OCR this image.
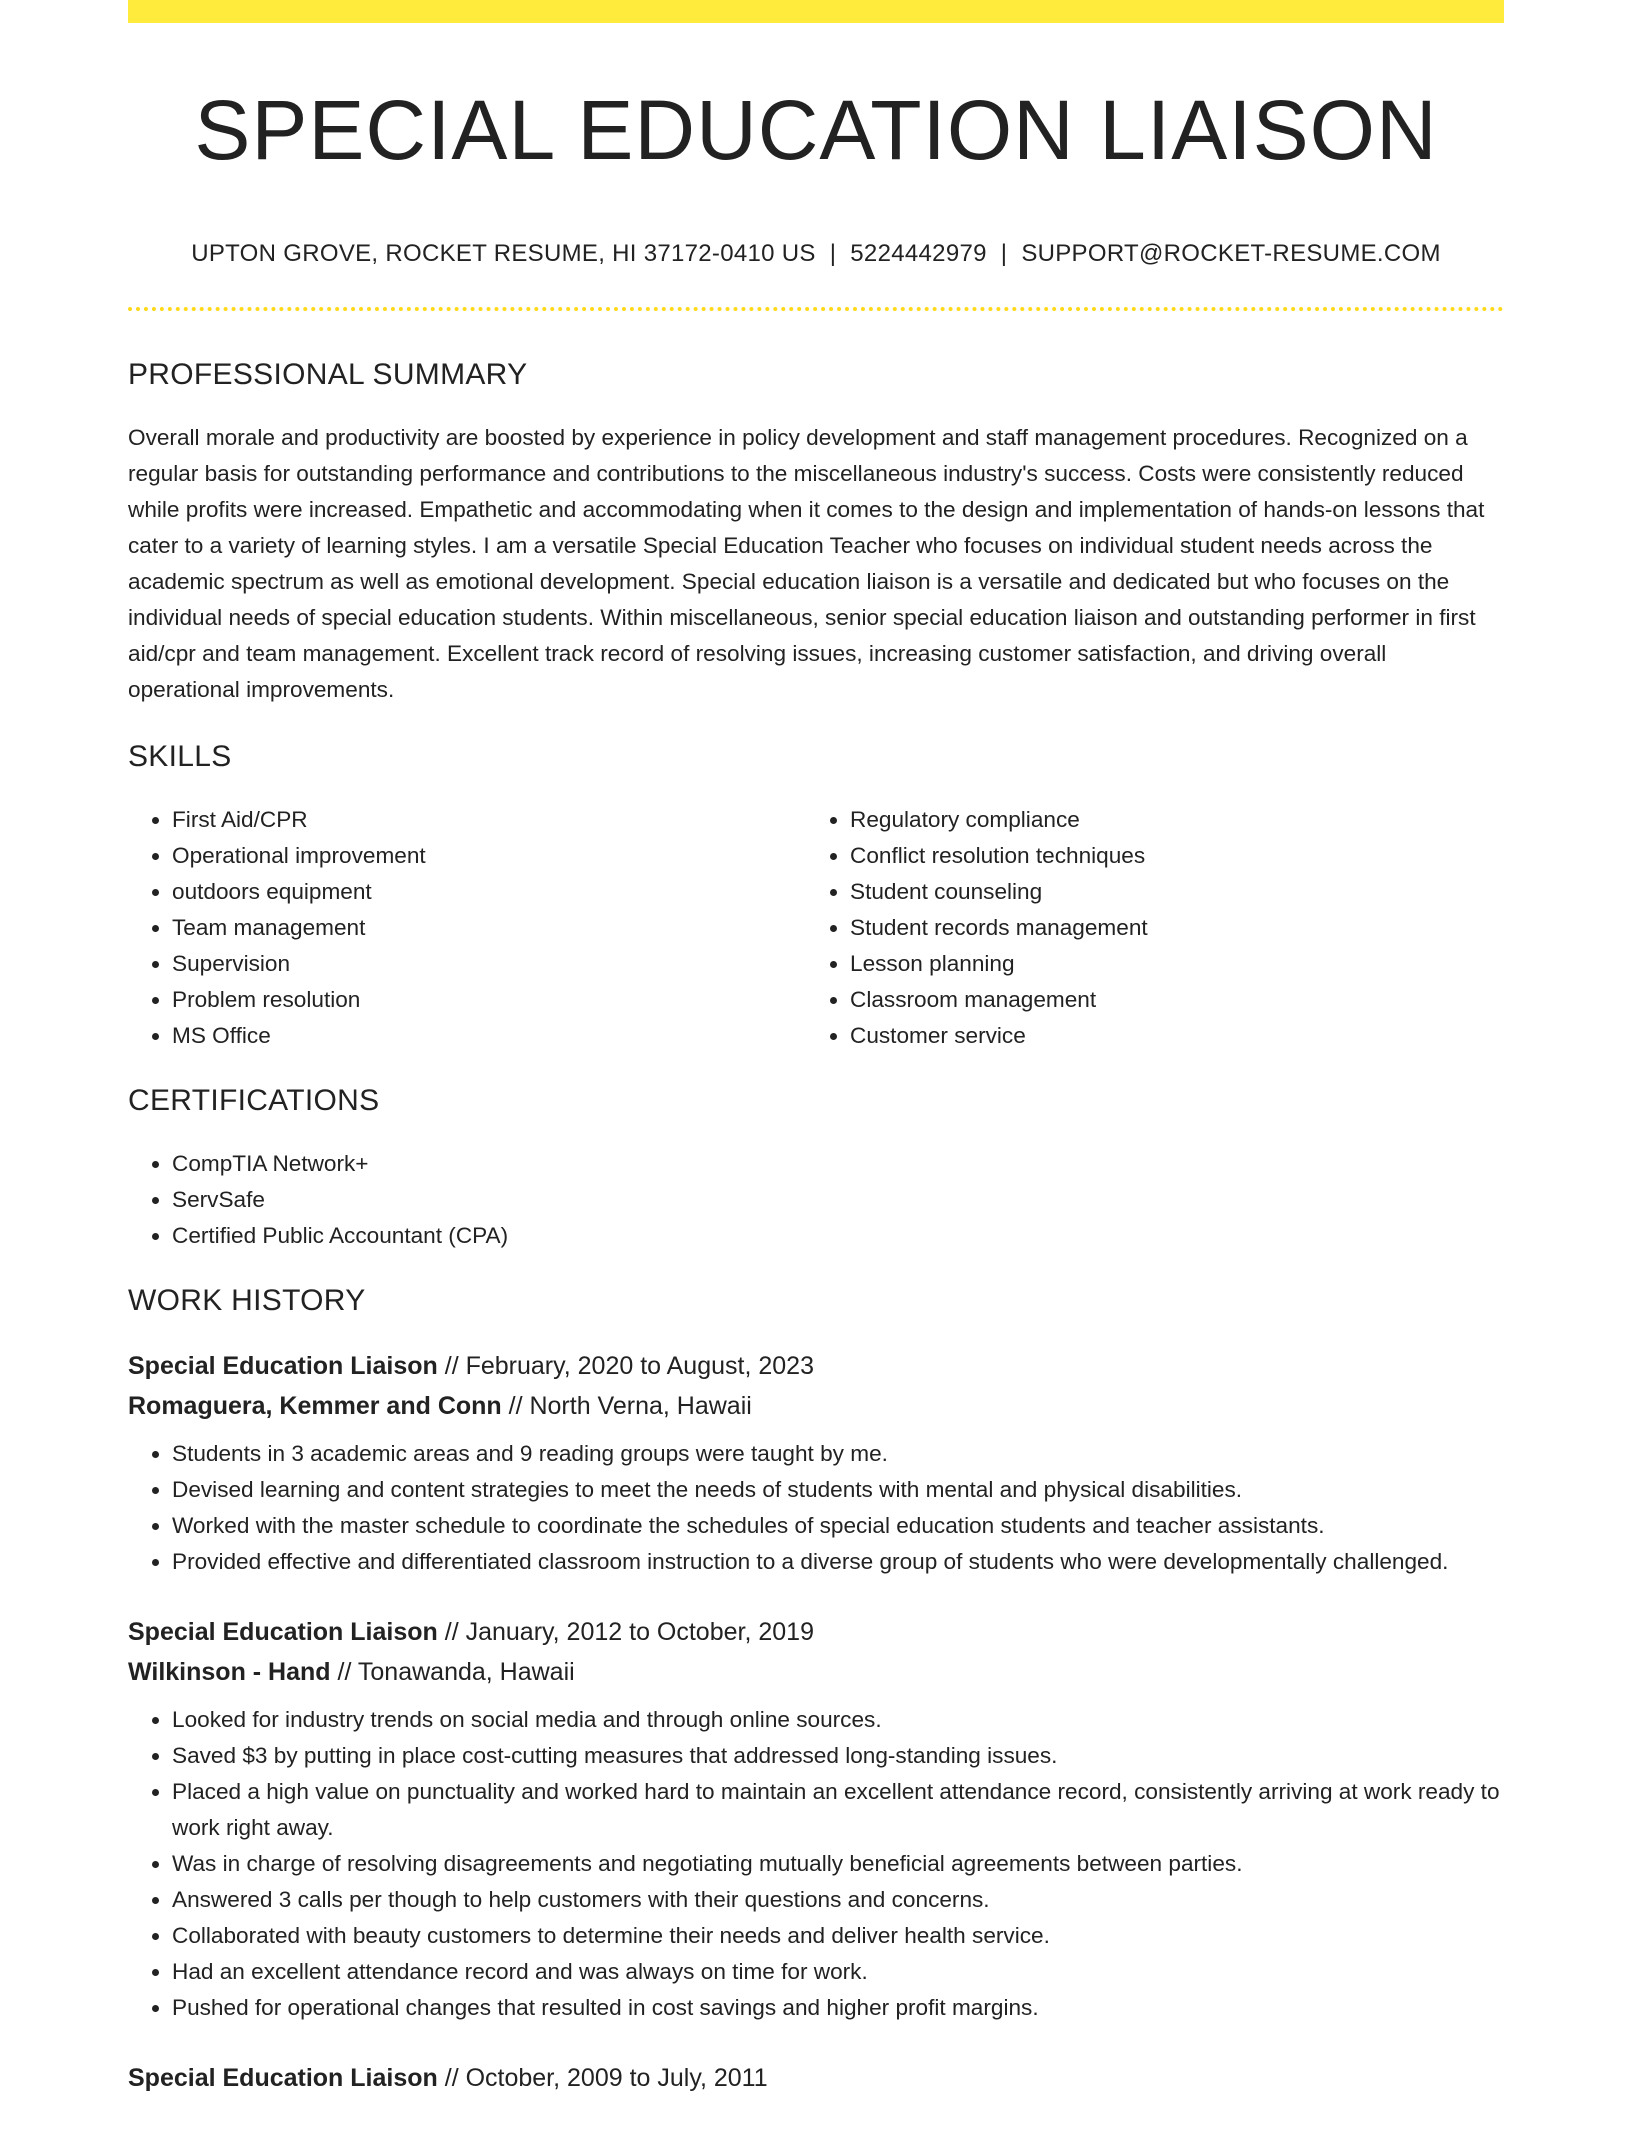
SPECIAL EDUCATION LIAISON
UPTON GROVE, ROCKET RESUME, HI 37172-0410 US | 5224442979 | SUPPORT@ROCKET-RESUME.COM
PROFESSIONAL SUMMARY

Overall morale and productivity are boosted by experience in policy development and staff management procedures. Recognized on a regular basis for outstanding performance and contributions to the miscellaneous industry's success. Costs were consistently reduced while profits were increased. Empathetic and accommodating when it comes to the design and implementation of hands-on lessons that cater to a variety of learning styles. I am a versatile Special Education Teacher who focuses on individual student needs across the academic spectrum as well as emotional development. Special education liaison is a versatile and dedicated but who focuses on the individual needs of special education students. Within miscellaneous, senior special education liaison and outstanding performer in first aid/cpr and team management. Excellent track record of resolving issues, increasing customer satisfaction, and driving overall operational improvements.

SKILLS
• First Aid/CPR
• Operational improvement
• outdoors equipment
• Team management
• Supervision
• Problem resolution
• MS Office
• Regulatory compliance
• Conflict resolution techniques
• Student counseling
• Student records management
• Lesson planning
• Classroom management
• Customer service
CERTIFICATIONS
• CompTIA Network+
• ServSafe
• Certified Public Accountant (CPA)
WORK HISTORY
Special Education Liaison // February, 2020 to August, 2023
Romaguera, Kemmer and Conn // North Verna, Hawaii
• Students in 3 academic areas and 9 reading groups were taught by me.
• Devised learning and content strategies to meet the needs of students with mental and physical disabilities.
• Worked with the master schedule to coordinate the schedules of special education students and teacher assistants.
• Provided effective and differentiated classroom instruction to a diverse group of students who were developmentally challenged.
Special Education Liaison // January, 2012 to October, 2019
Wilkinson - Hand // Tonawanda, Hawaii
• Looked for industry trends on social media and through online sources.
• Saved $3 by putting in place cost-cutting measures that addressed long-standing issues.
• Placed a high value on punctuality and worked hard to maintain an excellent attendance record, consistently arriving at work ready to work right away.
• Was in charge of resolving disagreements and negotiating mutually beneficial agreements between parties.
• Answered 3 calls per though to help customers with their questions and concerns.
• Collaborated with beauty customers to determine their needs and deliver health service.
• Had an excellent attendance record and was always on time for work.
• Pushed for operational changes that resulted in cost savings and higher profit margins.
Special Education Liaison // October, 2009 to July, 2011
